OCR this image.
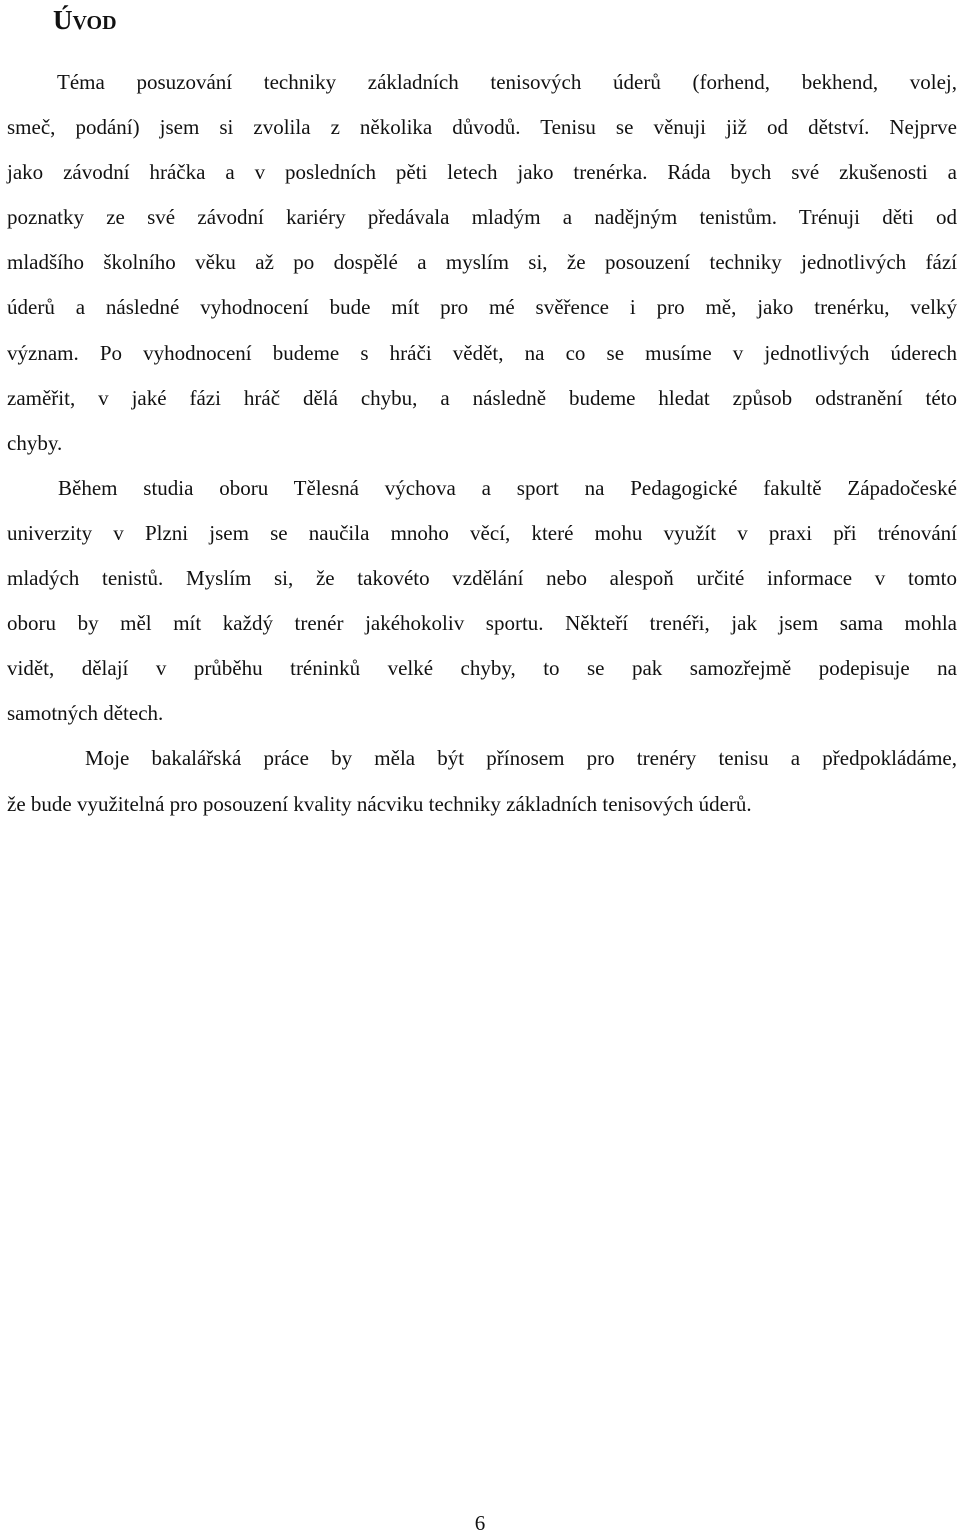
ÚVOD

Téma posuzování techniky základních tenisových úderů (forhend, bekhend, volej,
smeč, podání) jsem si zvolila z několika důvodů. Tenisu se věnuji již od dětství. Nejprve
jako závodní hráčka a v posledních pěti letech jako trenérka. Ráda bych své zkušenosti a
poznatky ze své závodní kariéry předávala mladým a nadějným tenistům. Trénuji děti od
mladšího školního věku až po dospělé a myslím si, že posouzení techniky jednotlivých fází
úderů a následné vyhodnocení bude mít pro mé svěřence i pro mě, jako trenérku, velký
význam. Po vyhodnocení budeme s hráči vědět, na co se musíme v jednotlivých úderech
zaměřit, v jaké fázi hráč dělá chybu, a následně budeme hledat způsob odstranění této
chyby.

Během studia oboru Tělesná výchova a sport na Pedagogické fakultě Západočeské
univerzity v Plzni jsem se naučila mnoho věcí, které mohu využít v praxi při trénování
mladých tenistů. Myslím si, že takovéto vzdělání nebo alespoň určité informace v tomto
oboru by měl mít každý trenér jakéhokoliv sportu. Někteří trenéři, jak jsem sama mohla
vidět, dělají v průběhu tréninků velké chyby, to se pak samozřejmě podepisuje na
samotných dětech.

Moje bakalářská práce by měla být přínosem pro trenéry tenisu a předpokládáme,
že bude využitelná pro posouzení kvality nácviku techniky základních tenisových úderů.

6
